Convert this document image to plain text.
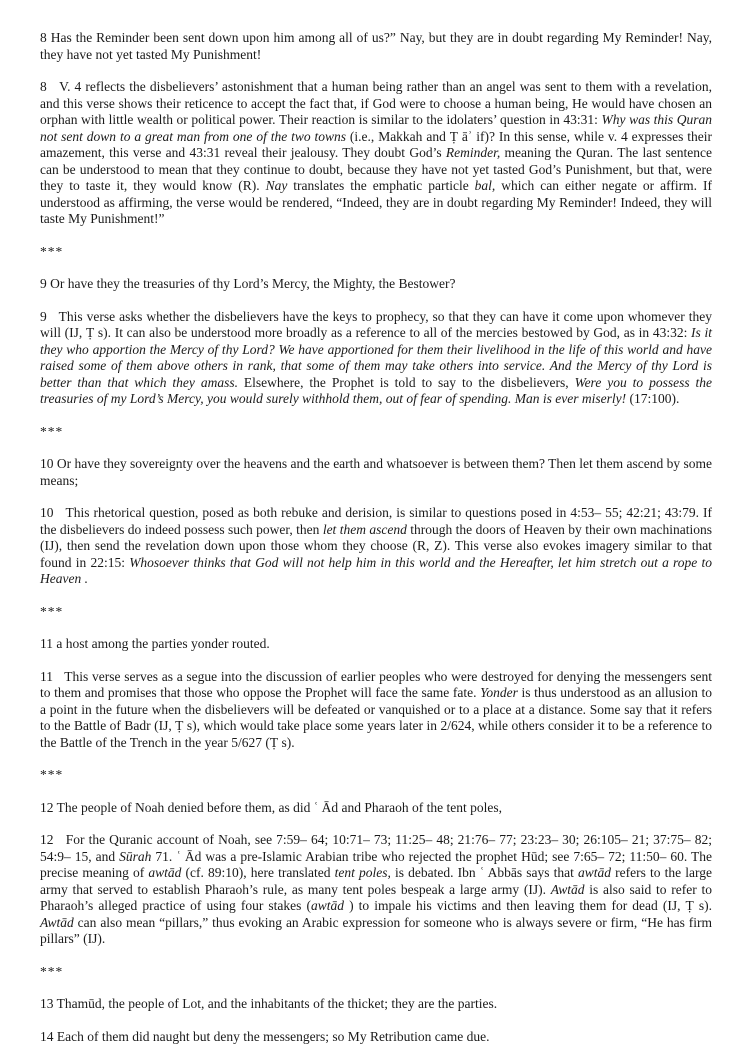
8 Has the Reminder been sent down upon him among all of us?” Nay, but they are in doubt regarding My Reminder! Nay, they have not yet tasted My Punishment!

8   V. 4 reflects the disbelievers’ astonishment that a human being rather than an angel was sent to them with a revelation, and this verse shows their reticence to accept the fact that, if God were to choose a human being, He would have chosen an orphan with little wealth or political power. Their reaction is similar to the idolaters’ question in 43:31: Why was this Quran not sent down to a great man from one of the two towns (i.e., Makkah and Ṭ āʾ if)? In this sense, while v. 4 expresses their amazement, this verse and 43:31 reveal their jealousy. They doubt God’s Reminder, meaning the Quran. The last sentence can be understood to mean that they continue to doubt, because they have not yet tasted God’s Punishment, but that, were they to taste it, they would know (R). Nay translates the emphatic particle bal, which can either negate or affirm. If understood as affirming, the verse would be rendered, “Indeed, they are in doubt regarding My Reminder! Indeed, they will taste My Punishment!”

***

9 Or have they the treasuries of thy Lord’s Mercy, the Mighty, the Bestower?

9   This verse asks whether the disbelievers have the keys to prophecy, so that they can have it come upon whomever they will (IJ, Ṭ s). It can also be understood more broadly as a reference to all of the mercies bestowed by God, as in 43:32: Is it they who apportion the Mercy of thy Lord? We have apportioned for them their livelihood in the life of this world and have raised some of them above others in rank, that some of them may take others into service. And the Mercy of thy Lord is better than that which they amass. Elsewhere, the Prophet is told to say to the disbelievers, Were you to possess the treasuries of my Lord’s Mercy, you would surely withhold them, out of fear of spending. Man is ever miserly! (17:100).

***

10 Or have they sovereignty over the heavens and the earth and whatsoever is between them? Then let them ascend by some means;

10   This rhetorical question, posed as both rebuke and derision, is similar to questions posed in 4:53– 55; 42:21; 43:79. If the disbelievers do indeed possess such power, then let them ascend through the doors of Heaven by their own machinations (IJ), then send the revelation down upon those whom they choose (R, Z). This verse also evokes imagery similar to that found in 22:15: Whosoever thinks that God will not help him in this world and the Hereafter, let him stretch out a rope to Heaven .

***

11 a host among the parties yonder routed.

11   This verse serves as a segue into the discussion of earlier peoples who were destroyed for denying the messengers sent to them and promises that those who oppose the Prophet will face the same fate. Yonder is thus understood as an allusion to a point in the future when the disbelievers will be defeated or vanquished or to a place at a distance. Some say that it refers to the Battle of Badr (IJ, Ṭ s), which would take place some years later in 2/624, while others consider it to be a reference to the Battle of the Trench in the year 5/627 (Ṭ s).

***

12 The people of Noah denied before them, as did ʿ Ād and Pharaoh of the tent poles,

12   For the Quranic account of Noah, see 7:59– 64; 10:71– 73; 11:25– 48; 21:76– 77; 23:23– 30; 26:105– 21; 37:75– 82; 54:9– 15, and Sūrah 71. ʿ Ād was a pre-Islamic Arabian tribe who rejected the prophet Hūd; see 7:65– 72; 11:50– 60. The precise meaning of awtād (cf. 89:10), here translated tent poles, is debated. Ibn ʿ Abbās says that awtād refers to the large army that served to establish Pharaoh’s rule, as many tent poles bespeak a large army (IJ). Awtād is also said to refer to Pharaoh’s alleged practice of using four stakes (awtād ) to impale his victims and then leaving them for dead (IJ, Ṭ s). Awtād can also mean “pillars,” thus evoking an Arabic expression for someone who is always severe or firm, “He has firm pillars” (IJ).

***

13 Thamūd, the people of Lot, and the inhabitants of the thicket; they are the parties.

14 Each of them did naught but deny the messengers; so My Retribution came due.
